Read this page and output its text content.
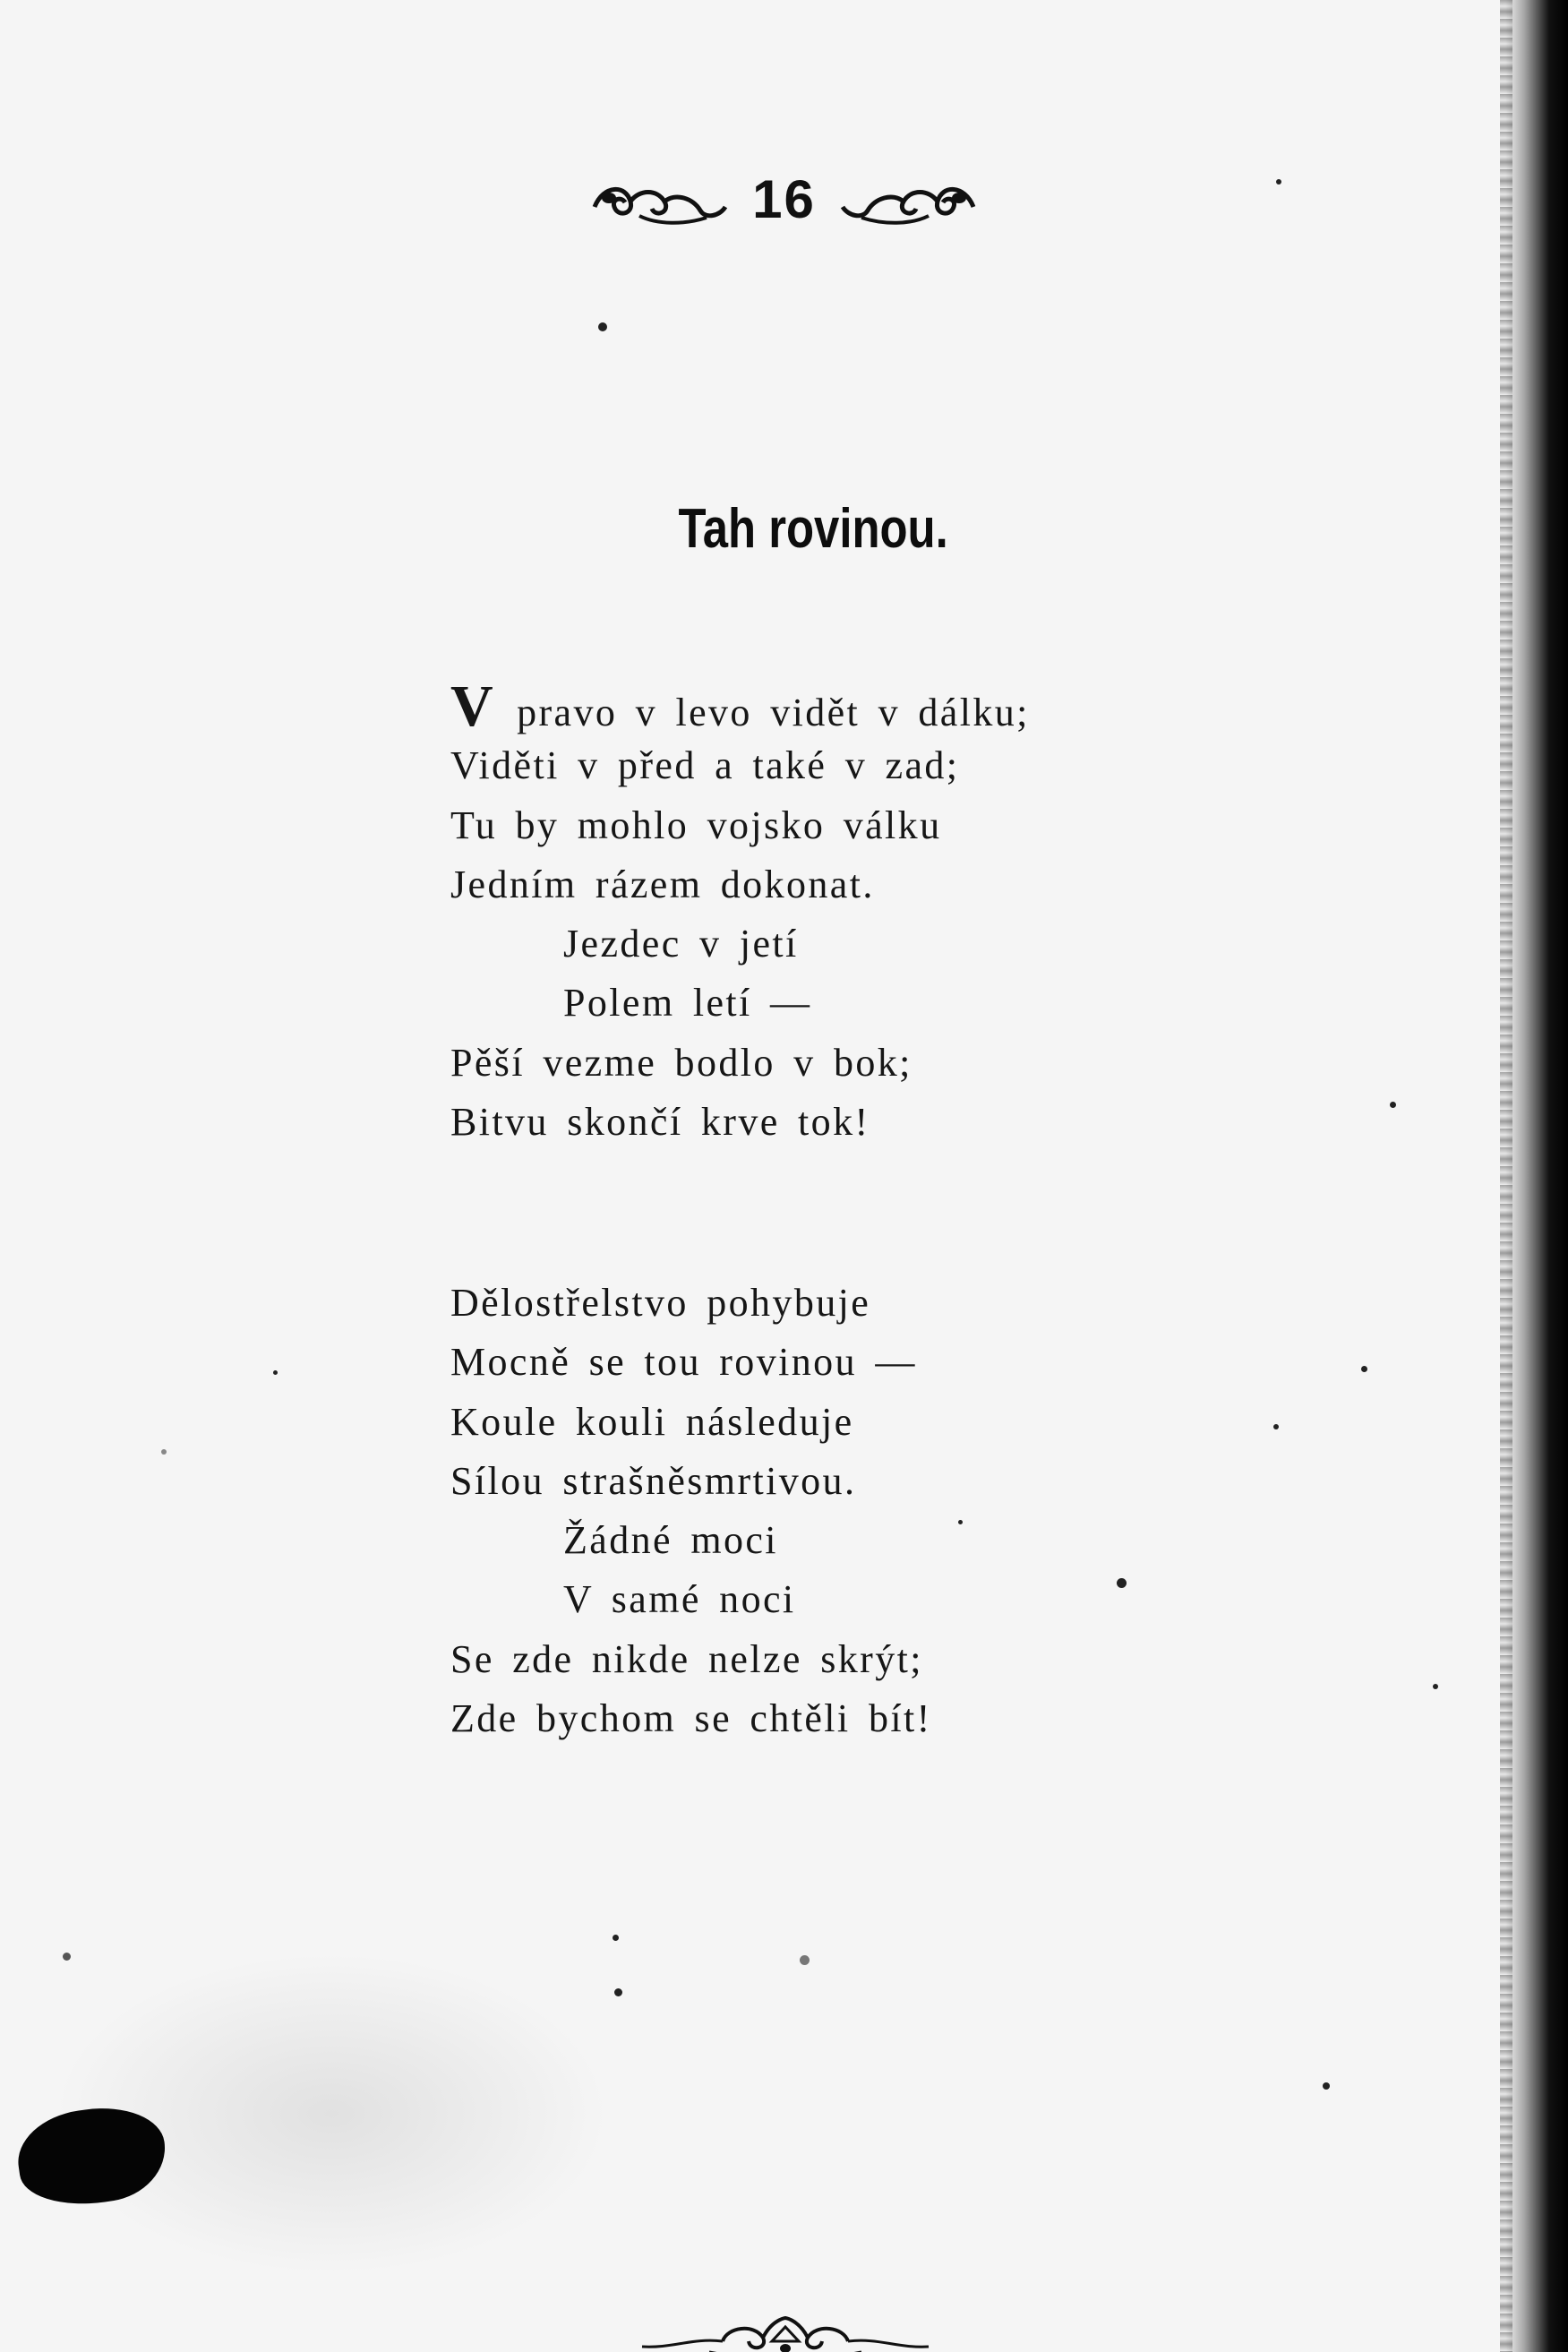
16
Tah rovinou.
V pravo v levo vidět v dálku;
Viděti v před a také v zad;
Tu by mohlo vojsko válku
Jedním rázem dokonat.
Jezdec v jetí
Polem letí —
Pěší vezme bodlo v bok;
Bitvu skončí krve tok!
Dělostřelstvo pohybuje
Mocně se tou rovinou —
Koule kouli následuje
Sílou strašněsmrtivou.
Žádné moci
V samé noci
Se zde nikde nelze skrýt;
Zde bychom se chtěli bít!
